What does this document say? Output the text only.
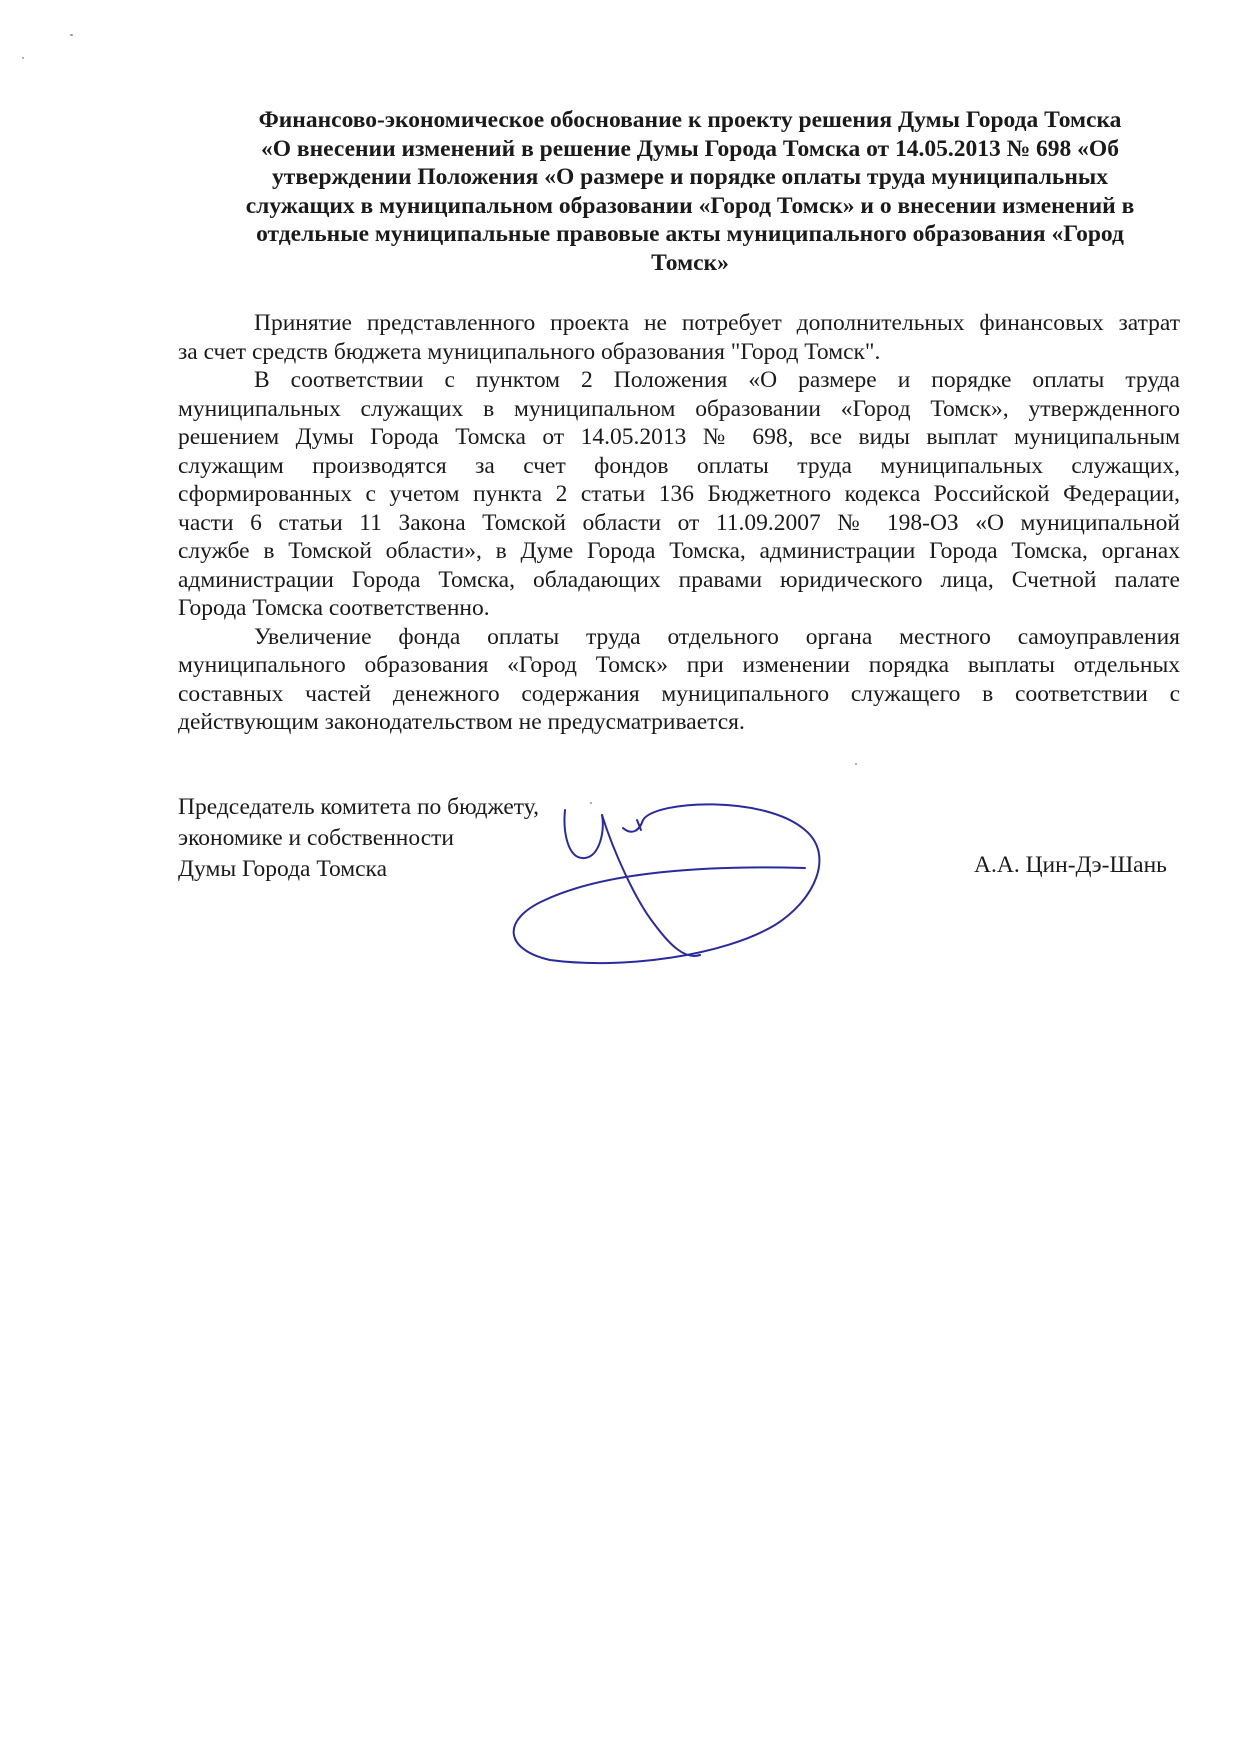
Финансово-экономическое обоснование к проекту решения Думы Города Томска
«О внесении изменений в решение Думы Города Томска от 14.05.2013 № 698 «Об
утверждении Положения «О размере и порядке оплаты труда муниципальных
служащих в муниципальном образовании «Город Томск» и о внесении изменений в
отдельные муниципальные правовые акты муниципального образования «Город
Томск»
Принятие представленного проекта не потребует дополнительных финансовых затрат
за счет средств бюджета муниципального образования "Город Томск".
В соответствии с пунктом 2 Положения «О размере и порядке оплаты труда
муниципальных служащих в муниципальном образовании «Город Томск», утвержденного
решением Думы Города Томска от 14.05.2013 № 698, все виды выплат муниципальным
служащим производятся за счет фондов оплаты труда муниципальных служащих,
сформированных с учетом пункта 2 статьи 136 Бюджетного кодекса Российской Федерации,
части 6 статьи 11 Закона Томской области от 11.09.2007 № 198-ОЗ «О муниципальной
службе в Томской области», в Думе Города Томска, администрации Города Томска, органах
администрации Города Томска, обладающих правами юридического лица, Счетной палате
Города Томска соответственно.
Увеличение фонда оплаты труда отдельного органа местного самоуправления
муниципального образования «Город Томск» при изменении порядка выплаты отдельных
составных частей денежного содержания муниципального служащего в соответствии с
действующим законодательством не предусматривается.
Председатель комитета по бюджету,
экономике и собственности
Думы Города Томска	А.А. Цин-Дэ-Шань
